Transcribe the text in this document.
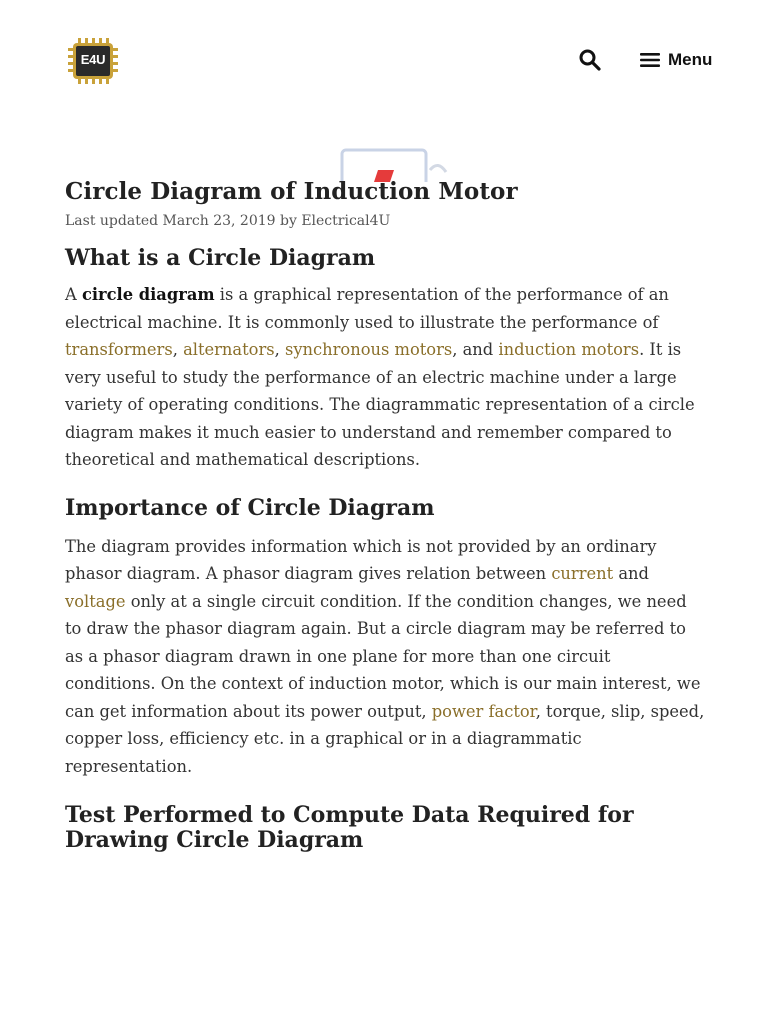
E4U	Menu
Circle Diagram of Induction Motor
Last updated March 23, 2019 by Electrical4U
What is a Circle Diagram

A circle diagram is a graphical representation of the performance of an electrical machine. It is commonly used to illustrate the performance of transformers, alternators, synchronous motors, and induction motors. It is very useful to study the performance of an electric machine under a large variety of operating conditions. The diagrammatic representation of a circle diagram makes it much easier to understand and remember compared to theoretical and mathematical descriptions.

Importance of Circle Diagram

The diagram provides information which is not provided by an ordinary phasor diagram. A phasor diagram gives relation between current and voltage only at a single circuit condition. If the condition changes, we need to draw the phasor diagram again. But a circle diagram may be referred to as a phasor diagram drawn in one plane for more than one circuit conditions. On the context of induction motor, which is our main interest, we can get information about its power output, power factor, torque, slip, speed, copper loss, efficiency etc. in a graphical or in a diagrammatic representation.

Test Performed to Compute Data Required for Drawing Circle Diagram
